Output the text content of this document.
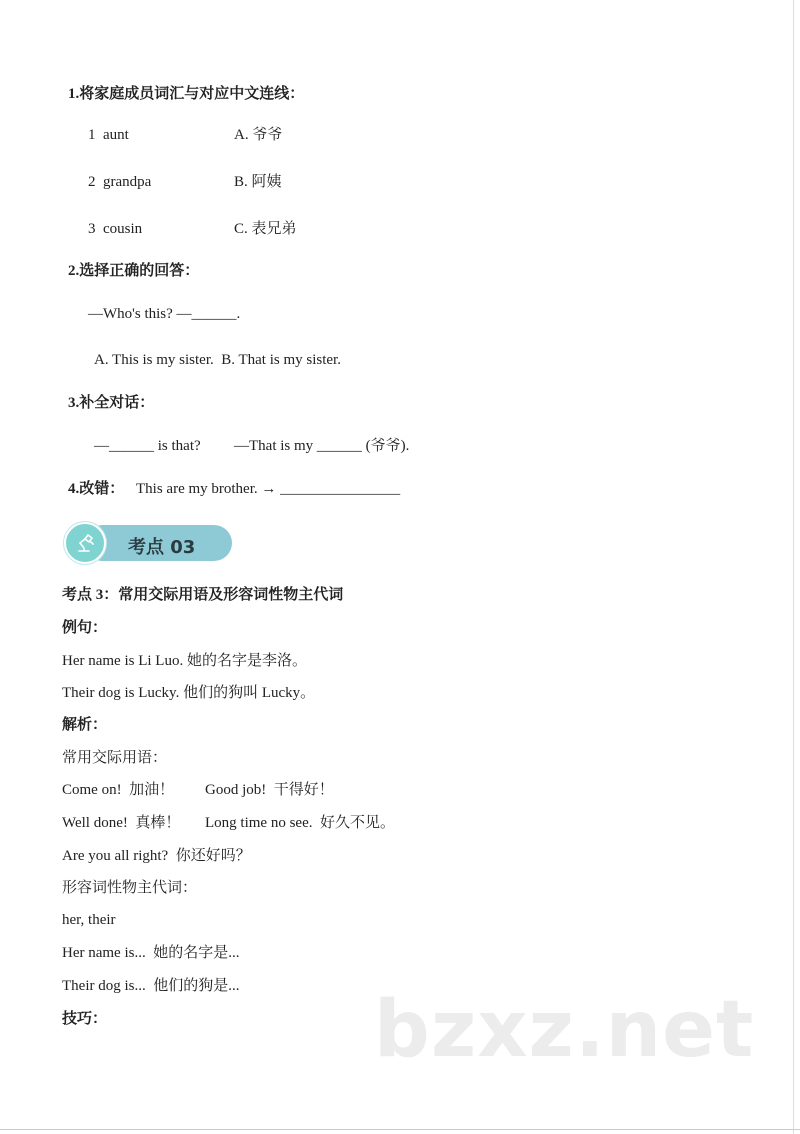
1.将家庭成员词汇与对应中文连线：
1  aunt	A. 爷爷
2  grandpa	B. 阿姨
3  cousin	C. 表兄弟
2.选择正确的回答：
—Who's this? —______.
A. This is my sister.  B. That is my sister.
3.补全对话：
—______ is that? —That is my ______ (爷爷).
4.改错： This are my brother. → ________________
考点 03
考点 3：常用交际用语及形容词性物主代词
例句：
Her name is Li Luo. 她的名字是李洛。
Their dog is Lucky. 他们的狗叫 Lucky。
解析：
常用交际用语：
Come on!  加油！ Good job!  干得好！
Well done!  真棒！ Long time no see.  好久不见。
Are you all right?  你还好吗？
形容词性物主代词：
her, their
Her name is...  她的名字是...
Their dog is...  他们的狗是...
技巧：	bzxz.net
